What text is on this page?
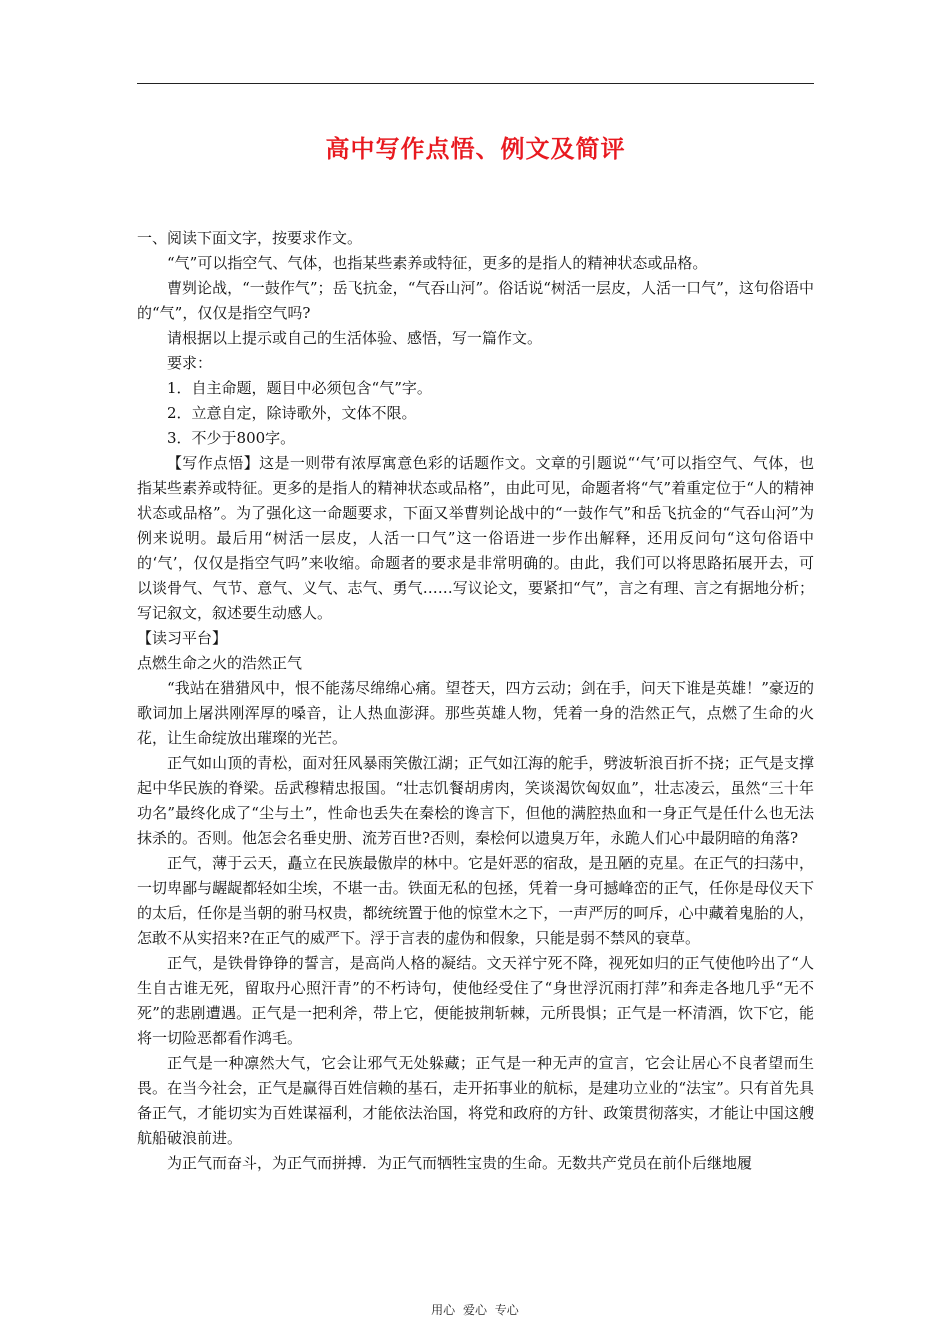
高中写作点悟、例文及简评

一、阅读下面文字，按要求作文。

“气”可以指空气、气体，也指某些素养或特征，更多的是指人的精神状态或品格。

曹刿论战，“一鼓作气”；岳飞抗金，“气吞山河”。俗话说“树活一层皮，人活一口气”，这句俗语中的“气”，仅仅是指空气吗?

请根据以上提示或自己的生活体验、感悟，写一篇作文。

要求：

1．自主命题，题目中必须包含“气”字。

2．立意自定，除诗歌外，文体不限。

3．不少于800字。

【写作点悟】这是一则带有浓厚寓意色彩的话题作文。文章的引题说“‘气’可以指空气、气体，也指某些素养或特征。更多的是指人的精神状态或品格”，由此可见，命题者将“气”着重定位于“人的精神状态或品格”。为了强化这一命题要求，下面又举曹刿论战中的“一鼓作气”和岳飞抗金的“气吞山河”为例来说明。最后用“树活一层皮，人活一口气”这一俗语进一步作出解释，还用反问句“这句俗语中的‘气’，仅仅是指空气吗”来收缩。命题者的要求是非常明确的。由此，我们可以将思路拓展开去，可以谈骨气、气节、意气、义气、志气、勇气……写议论文，要紧扣“气”，言之有理、言之有据地分析；写记叙文，叙述要生动感人。

【读习平台】

点燃生命之火的浩然正气

“我站在猎猎风中，恨不能荡尽绵绵心痛。望苍天，四方云动；剑在手，问天下谁是英雄！”豪迈的歌词加上屠洪刚浑厚的嗓音，让人热血澎湃。那些英雄人物，凭着一身的浩然正气，点燃了生命的火花，让生命绽放出璀璨的光芒。

正气如山顶的青松，面对狂风暴雨笑傲江湖；正气如江海的舵手，劈波斩浪百折不挠；正气是支撑起中华民族的脊梁。岳武穆精忠报国。“壮志饥餐胡虏肉，笑谈渴饮匈奴血”，壮志凌云，虽然“三十年功名”最终化成了“尘与土”，性命也丢失在秦桧的谗言下，但他的满腔热血和一身正气是任什么也无法抹杀的。否则。他怎会名垂史册、流芳百世?否则，秦桧何以遗臭万年，永跪人们心中最阴暗的角落?

正气，薄于云天，矗立在民族最傲岸的林中。它是奸恶的宿敌，是丑陋的克星。在正气的扫荡中，一切卑鄙与龌龊都轻如尘埃，不堪一击。铁面无私的包拯，凭着一身可撼峰峦的正气，任你是母仪天下的太后，任你是当朝的驸马权贵，都统统置于他的惊堂木之下，一声严厉的呵斥，心中藏着鬼胎的人，怎敢不从实招来?在正气的威严下。浮于言表的虚伪和假象，只能是弱不禁风的衰草。

正气，是铁骨铮铮的誓言，是高尚人格的凝结。文天祥宁死不降，视死如归的正气使他吟出了“人生自古谁无死，留取丹心照汗青”的不朽诗句，使他经受住了“身世浮沉雨打萍”和奔走各地几乎“无不死”的悲剧遭遇。正气是一把利斧，带上它，便能披荆斩棘，元所畏惧；正气是一杯清酒，饮下它，能将一切险恶都看作鸿毛。

正气是一种凛然大气，它会让邪气无处躲藏；正气是一种无声的宣言，它会让居心不良者望而生畏。在当今社会，正气是赢得百姓信赖的基石，走开拓事业的航标，是建功立业的“法宝”。只有首先具备正气，才能切实为百姓谋福利，才能依法治国，将党和政府的方针、政策贯彻落实，才能让中国这艘航船破浪前进。

为正气而奋斗，为正气而拼搏．为正气而牺牲宝贵的生命。无数共产党员在前仆后继地履

用心 爱心 专心
